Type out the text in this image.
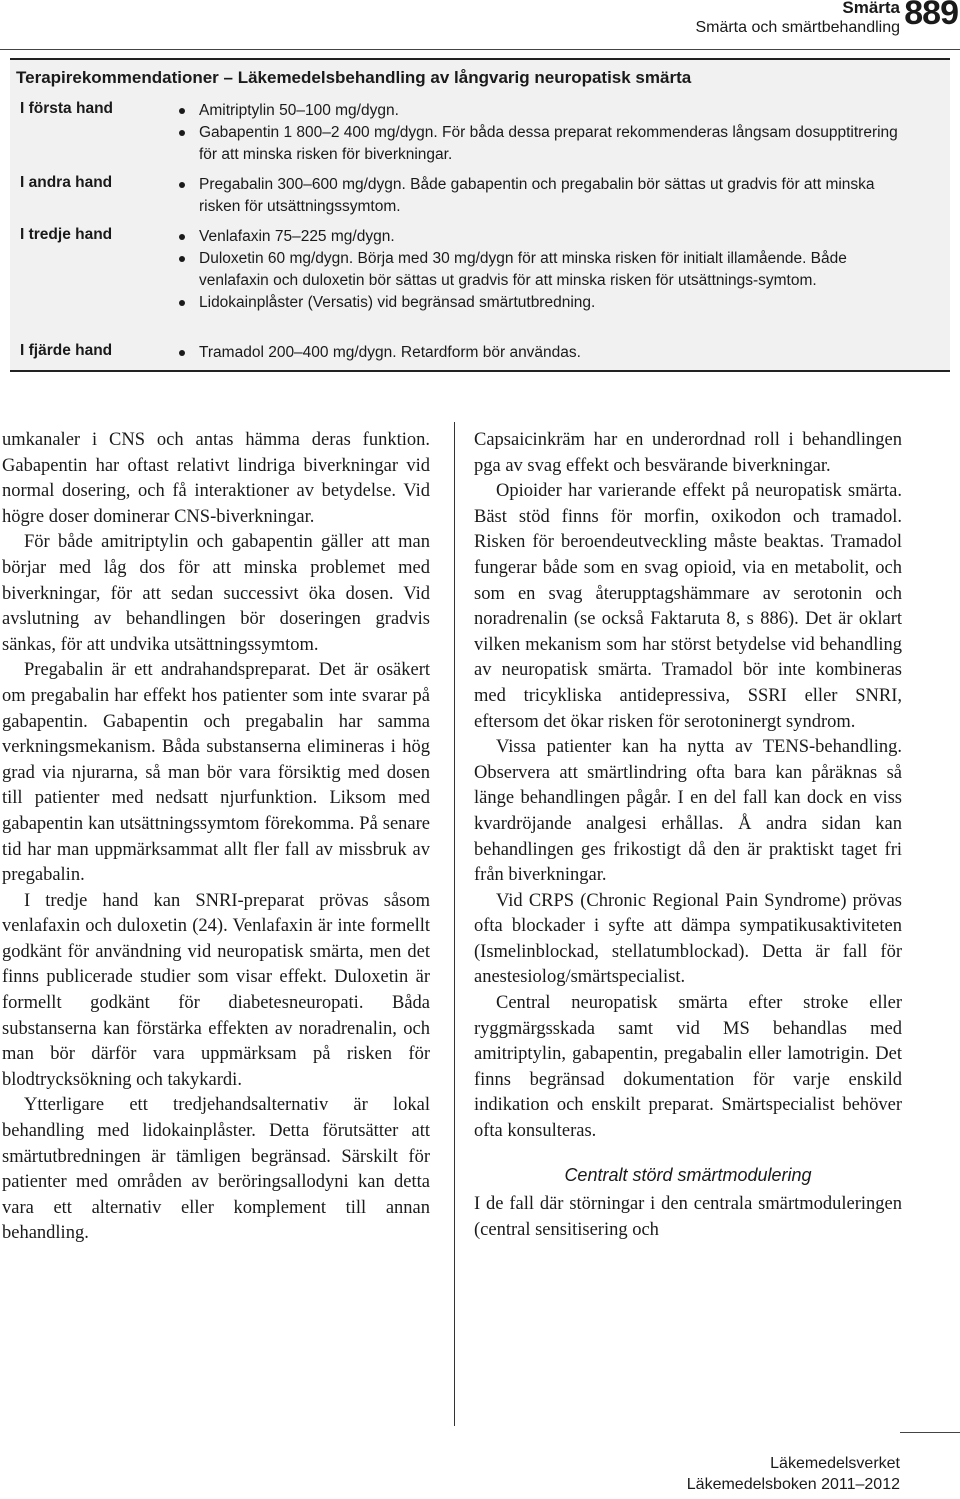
Smärta
Smärta och smärtbehandling 889
Terapirekommendationer – Läkemedelsbehandling av långvarig neuropatisk smärta
I första hand	Amitriptylin 50–100 mg/dygn.
Gabapentin 1 800–2 400 mg/dygn. För båda dessa preparat rekommenderas långsam dosupptitrering för att minska risken för biverkningar.
I andra hand	Pregabalin 300–600 mg/dygn. Både gabapentin och pregabalin bör sättas ut gradvis för att minska risken för utsättningssymtom.
I tredje hand	Venlafaxin 75–225 mg/dygn.
Duloxetin 60 mg/dygn. Börja med 30 mg/dygn för att minska risken för initialt illamående. Både venlafaxin och duloxetin bör sättas ut gradvis för att minska risken för utsättnings-symtom.
Lidokainplåster (Versatis) vid begränsad smärtutbredning.
I fjärde hand	Tramadol 200–400 mg/dygn. Retardform bör användas.

umkanaler i CNS och antas hämma deras funktion. Gabapentin har oftast relativt lindriga biverkningar vid normal dosering, och få interaktioner av betydelse. Vid högre doser dominerar CNS-biverkningar.

För både amitriptylin och gabapentin gäller att man börjar med låg dos för att minska problemet med biverkningar, för att sedan successivt öka dosen. Vid avslutning av behandlingen bör doseringen gradvis sänkas, för att undvika utsättningssymtom.

Pregabalin är ett andrahandspreparat. Det är osäkert om pregabalin har effekt hos patienter som inte svarar på gabapentin. Gabapentin och pregabalin har samma verkningsmekanism. Båda substanserna elimineras i hög grad via njurarna, så man bör vara försiktig med dosen till patienter med nedsatt njurfunktion. Liksom med gabapentin kan utsättningssymtom förekomma. På senare tid har man uppmärksammat allt fler fall av missbruk av pregabalin.

I tredje hand kan SNRI-preparat prövas såsom venlafaxin och duloxetin (24). Venlafaxin är inte formellt godkänt för användning vid neuropatisk smärta, men det finns publicerade studier som visar effekt. Duloxetin är formellt godkänt för diabetesneuropati. Båda substanserna kan förstärka effekten av noradrenalin, och man bör därför vara uppmärksam på risken för blodtrycksökning och takykardi.

Ytterligare ett tredjehandsalternativ är lokal behandling med lidokainplåster. Detta förutsätter att smärtutbredningen är tämligen begränsad. Särskilt för patienter med områden av beröringsallodyni kan detta vara ett alternativ eller komplement till annan behandling.

Capsaicinkräm har en underordnad roll i behandlingen pga av svag effekt och besvärande biverkningar.

Opioider har varierande effekt på neuropatisk smärta. Bäst stöd finns för morfin, oxikodon och tramadol. Risken för beroendeutveckling måste beaktas. Tramadol fungerar både som en svag opioid, via en metabolit, och som en svag återupptagshämmare av serotonin och noradrenalin (se också Faktaruta 8, s 886). Det är oklart vilken mekanism som har störst betydelse vid behandling av neuropatisk smärta. Tramadol bör inte kombineras med tricykliska antidepressiva, SSRI eller SNRI, eftersom det ökar risken för serotoninergt syndrom.

Vissa patienter kan ha nytta av TENS-behandling. Observera att smärtlindring ofta bara kan påräknas så länge behandlingen pågår. I en del fall kan dock en viss kvardröjande analgesi erhållas. Å andra sidan kan behandlingen ges frikostigt då den är praktiskt taget fri från biverkningar.

Vid CRPS (Chronic Regional Pain Syndrome) prövas ofta blockader i syfte att dämpa sympatikusaktiviteten (Ismelinblockad, stellatumblockad). Detta är fall för anestesiolog/smärtspecialist.

Central neuropatisk smärta efter stroke eller ryggmärgsskada samt vid MS behandlas med amitriptylin, gabapentin, pregabalin eller lamotrigin. Det finns begränsad dokumentation för varje enskild indikation och enskilt preparat. Smärtspecialist behöver ofta konsulteras.

Centralt störd smärtmodulering

I de fall där störningar i den centrala smärtmoduleringen (central sensitisering och

Läkemedelsverket
Läkemedelsboken 2011–2012
